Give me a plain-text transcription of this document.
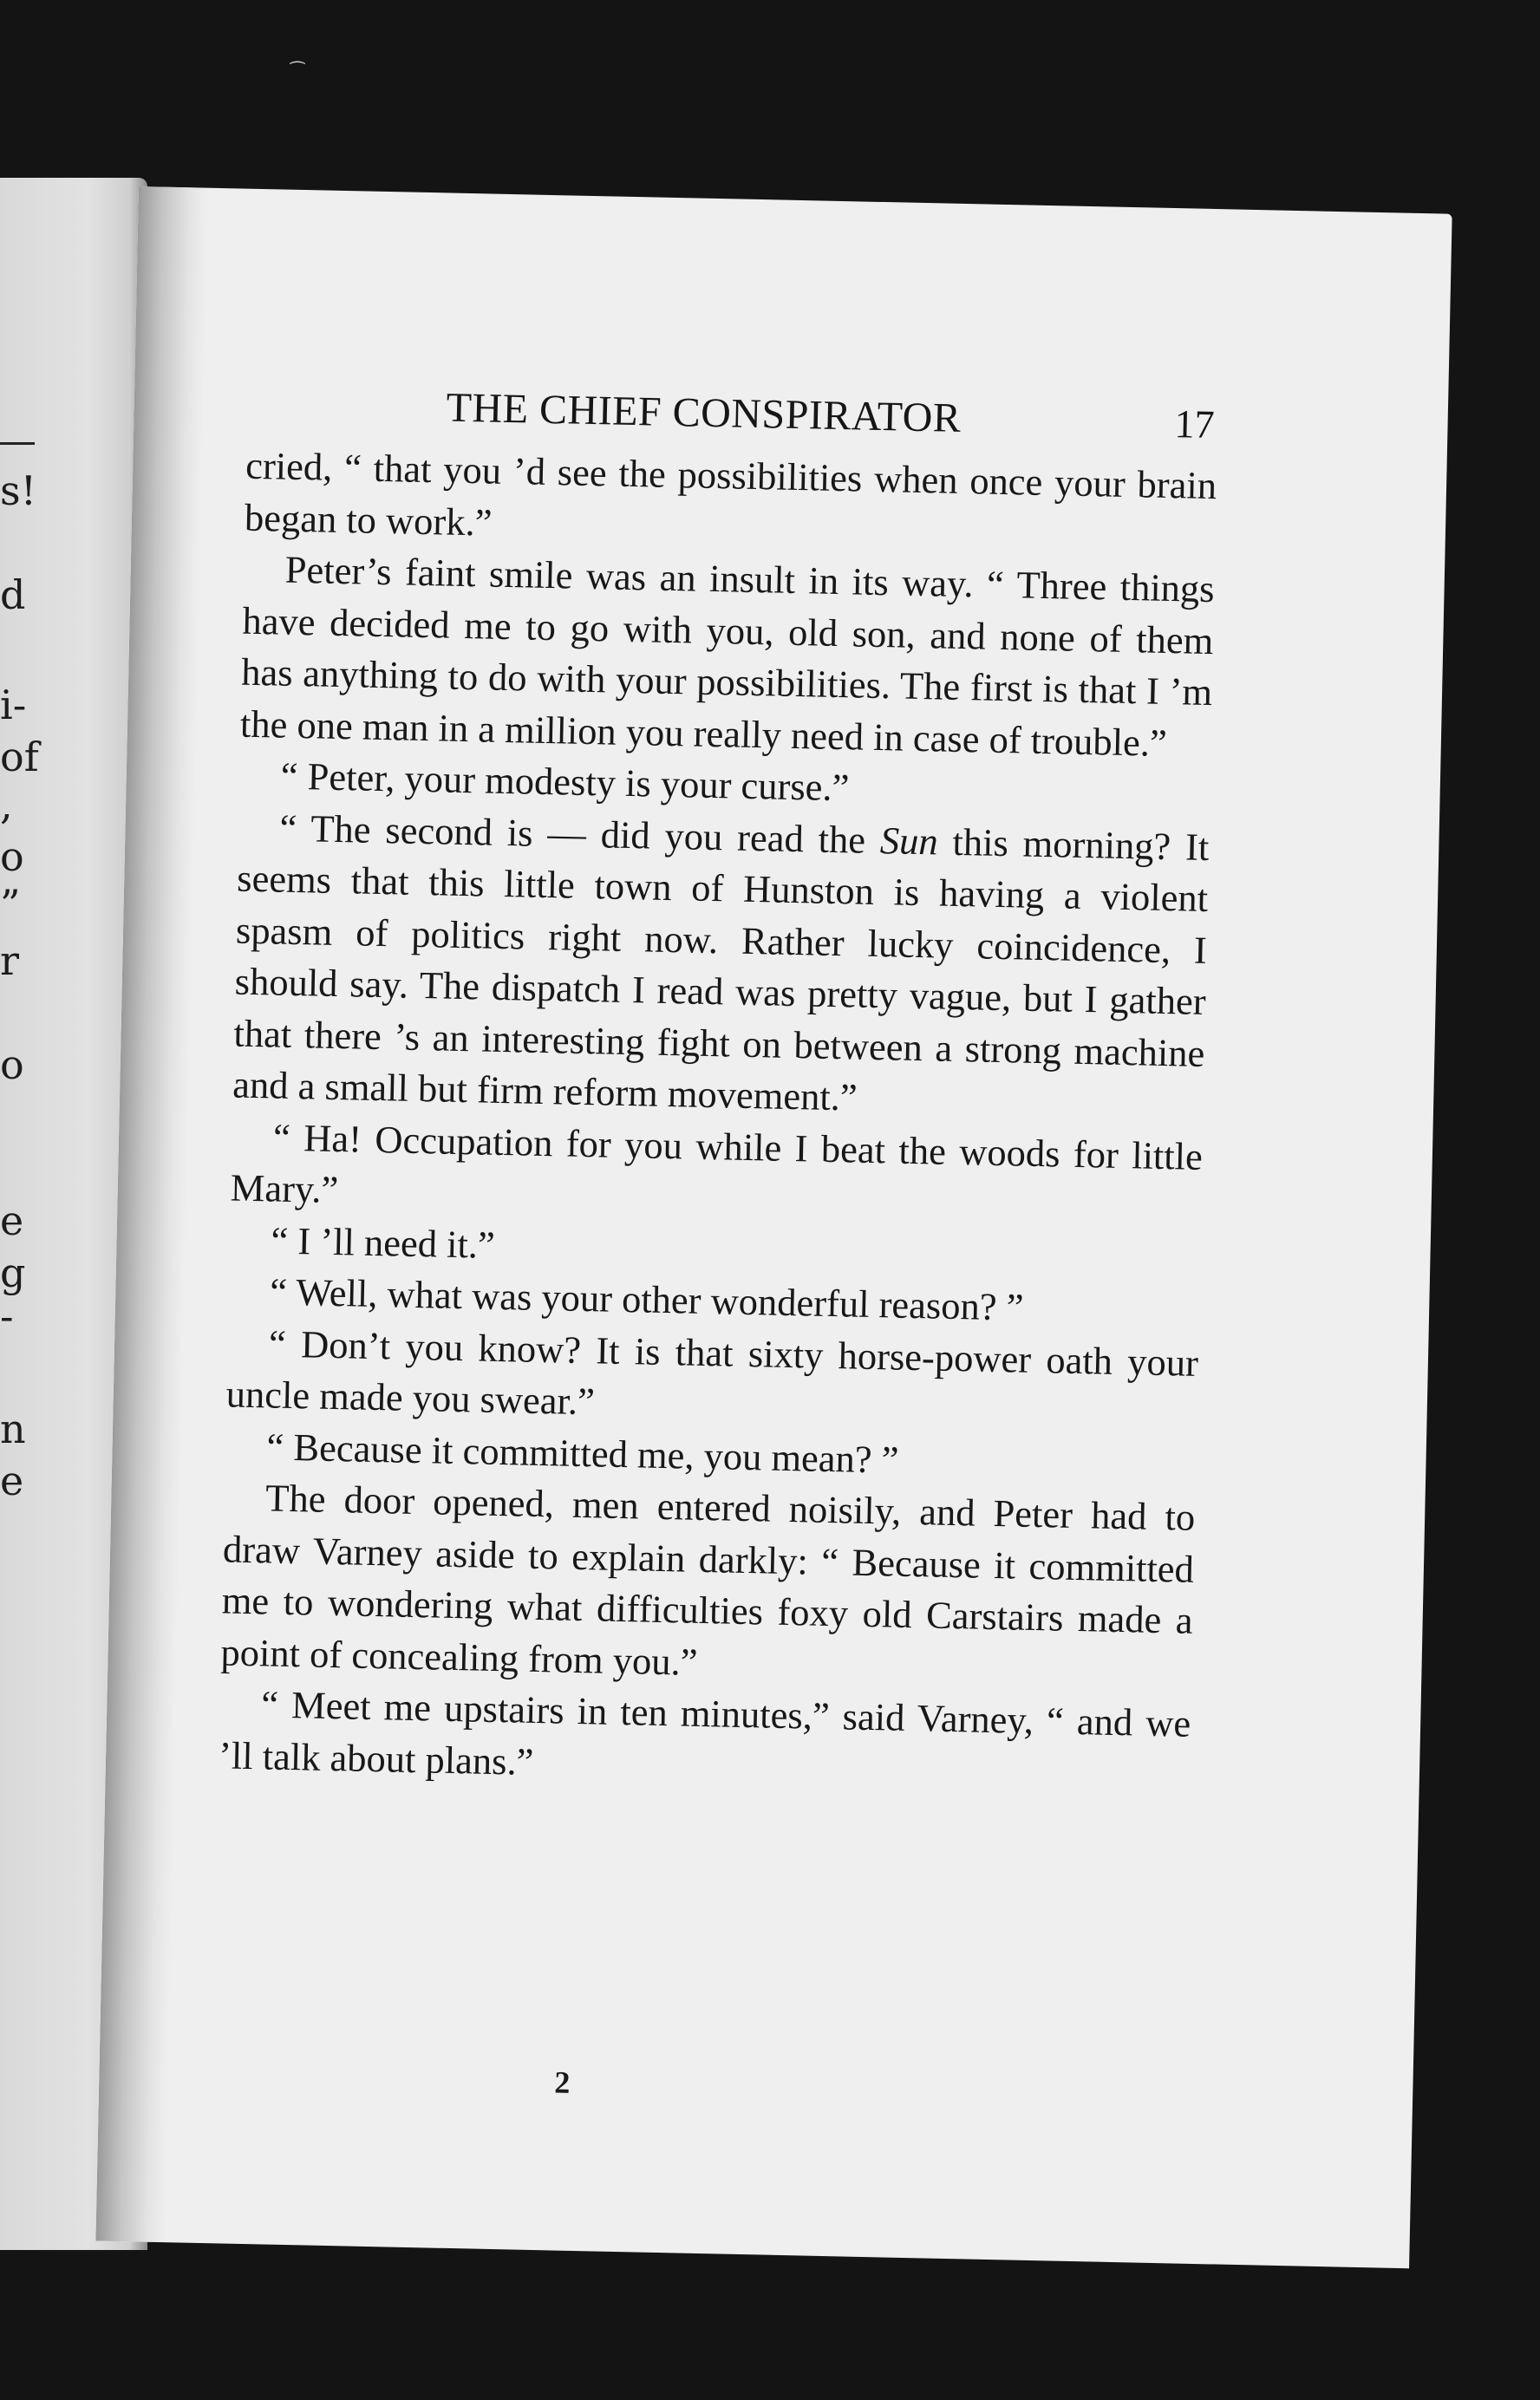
⁔
s!
d
i-
of
,
o
”
r
o
e
g
-
n
e
THE CHIEF CONSPIRATOR	17

cried, “ that you ’d see the possibilities when once your brain began to work.”

Peter’s faint smile was an insult in its way. “ Three things have decided me to go with you, old son, and none of them has anything to do with your possibilities. The first is that I ’m the one man in a million you really need in case of trouble.”

“ Peter, your modesty is your curse.”

“ The second is — did you read the Sun this morning? It seems that this little town of Hunston is having a violent spasm of politics right now. Rather lucky coincidence, I should say. The dispatch I read was pretty vague, but I gather that there ’s an interesting fight on between a strong machine and a small but firm reform movement.”

“ Ha! Occupation for you while I beat the woods for little Mary.”

“ I ’ll need it.”

“ Well, what was your other wonderful reason? ”

“ Don’t you know? It is that sixty horse-power oath your uncle made you swear.”

“ Because it committed me, you mean? ”

The door opened, men entered noisily, and Peter had to draw Varney aside to explain darkly: “ Because it committed me to wondering what difficulties foxy old Carstairs made a point of concealing from you.”

“ Meet me upstairs in ten minutes,” said Varney, “ and we ’ll talk about plans.”

2
